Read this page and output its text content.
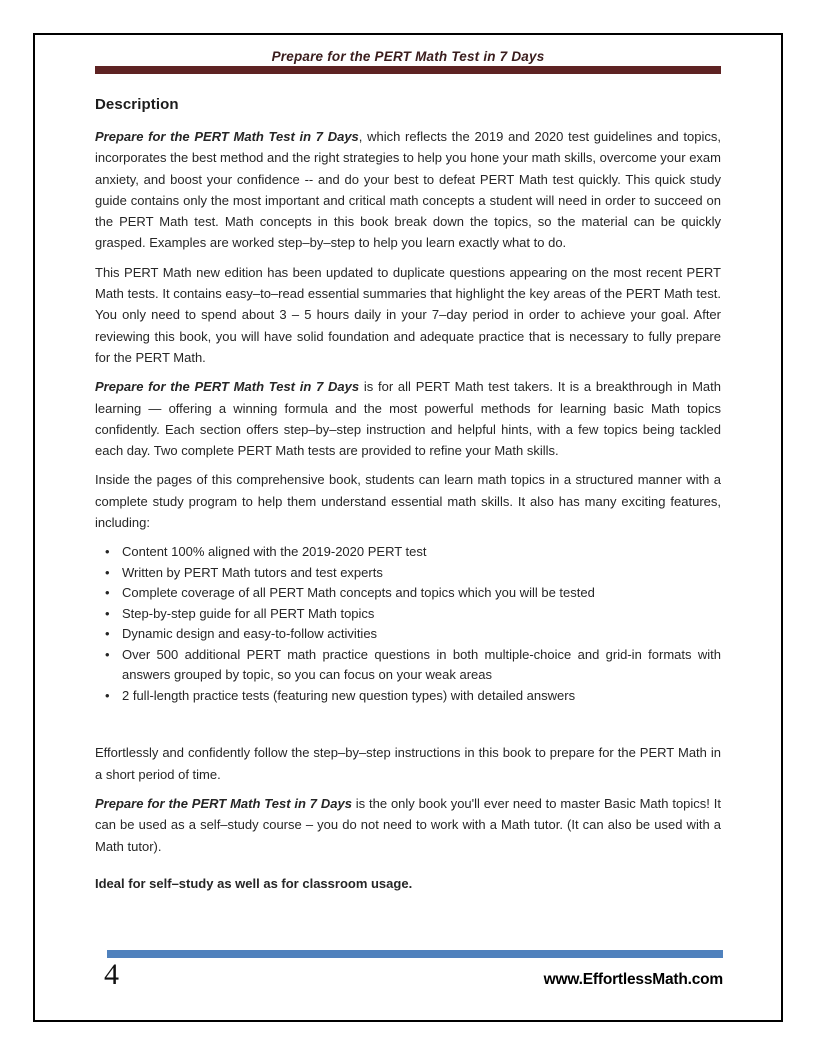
Prepare for the PERT Math Test in 7 Days
Description

Prepare for the PERT Math Test in 7 Days, which reflects the 2019 and 2020 test guidelines and topics, incorporates the best method and the right strategies to help you hone your math skills, overcome your exam anxiety, and boost your confidence -- and do your best to defeat PERT Math test quickly. This quick study guide contains only the most important and critical math concepts a student will need in order to succeed on the PERT Math test. Math concepts in this book break down the topics, so the material can be quickly grasped. Examples are worked step–by–step to help you learn exactly what to do.

This PERT Math new edition has been updated to duplicate questions appearing on the most recent PERT Math tests. It contains easy–to–read essential summaries that highlight the key areas of the PERT Math test. You only need to spend about 3 – 5 hours daily in your 7–day period in order to achieve your goal. After reviewing this book, you will have solid foundation and adequate practice that is necessary to fully prepare for the PERT Math.

Prepare for the PERT Math Test in 7 Days is for all PERT Math test takers. It is a breakthrough in Math learning — offering a winning formula and the most powerful methods for learning basic Math topics confidently. Each section offers step–by–step instruction and helpful hints, with a few topics being tackled each day. Two complete PERT Math tests are provided to refine your Math skills.

Inside the pages of this comprehensive book, students can learn math topics in a structured manner with a complete study program to help them understand essential math skills. It also has many exciting features, including:

• Content 100% aligned with the 2019-2020 PERT test
• Written by PERT Math tutors and test experts
• Complete coverage of all PERT Math concepts and topics which you will be tested
• Step-by-step guide for all PERT Math topics
• Dynamic design and easy-to-follow activities
• Over 500 additional PERT math practice questions in both multiple-choice and grid-in formats with answers grouped by topic, so you can focus on your weak areas
• 2 full-length practice tests (featuring new question types) with detailed answers

Effortlessly and confidently follow the step–by–step instructions in this book to prepare for the PERT Math in a short period of time.

Prepare for the PERT Math Test in 7 Days is the only book you'll ever need to master Basic Math topics! It can be used as a self–study course – you do not need to work with a Math tutor. (It can also be used with a Math tutor).

Ideal for self–study as well as for classroom usage.

4	www.EffortlessMath.com
